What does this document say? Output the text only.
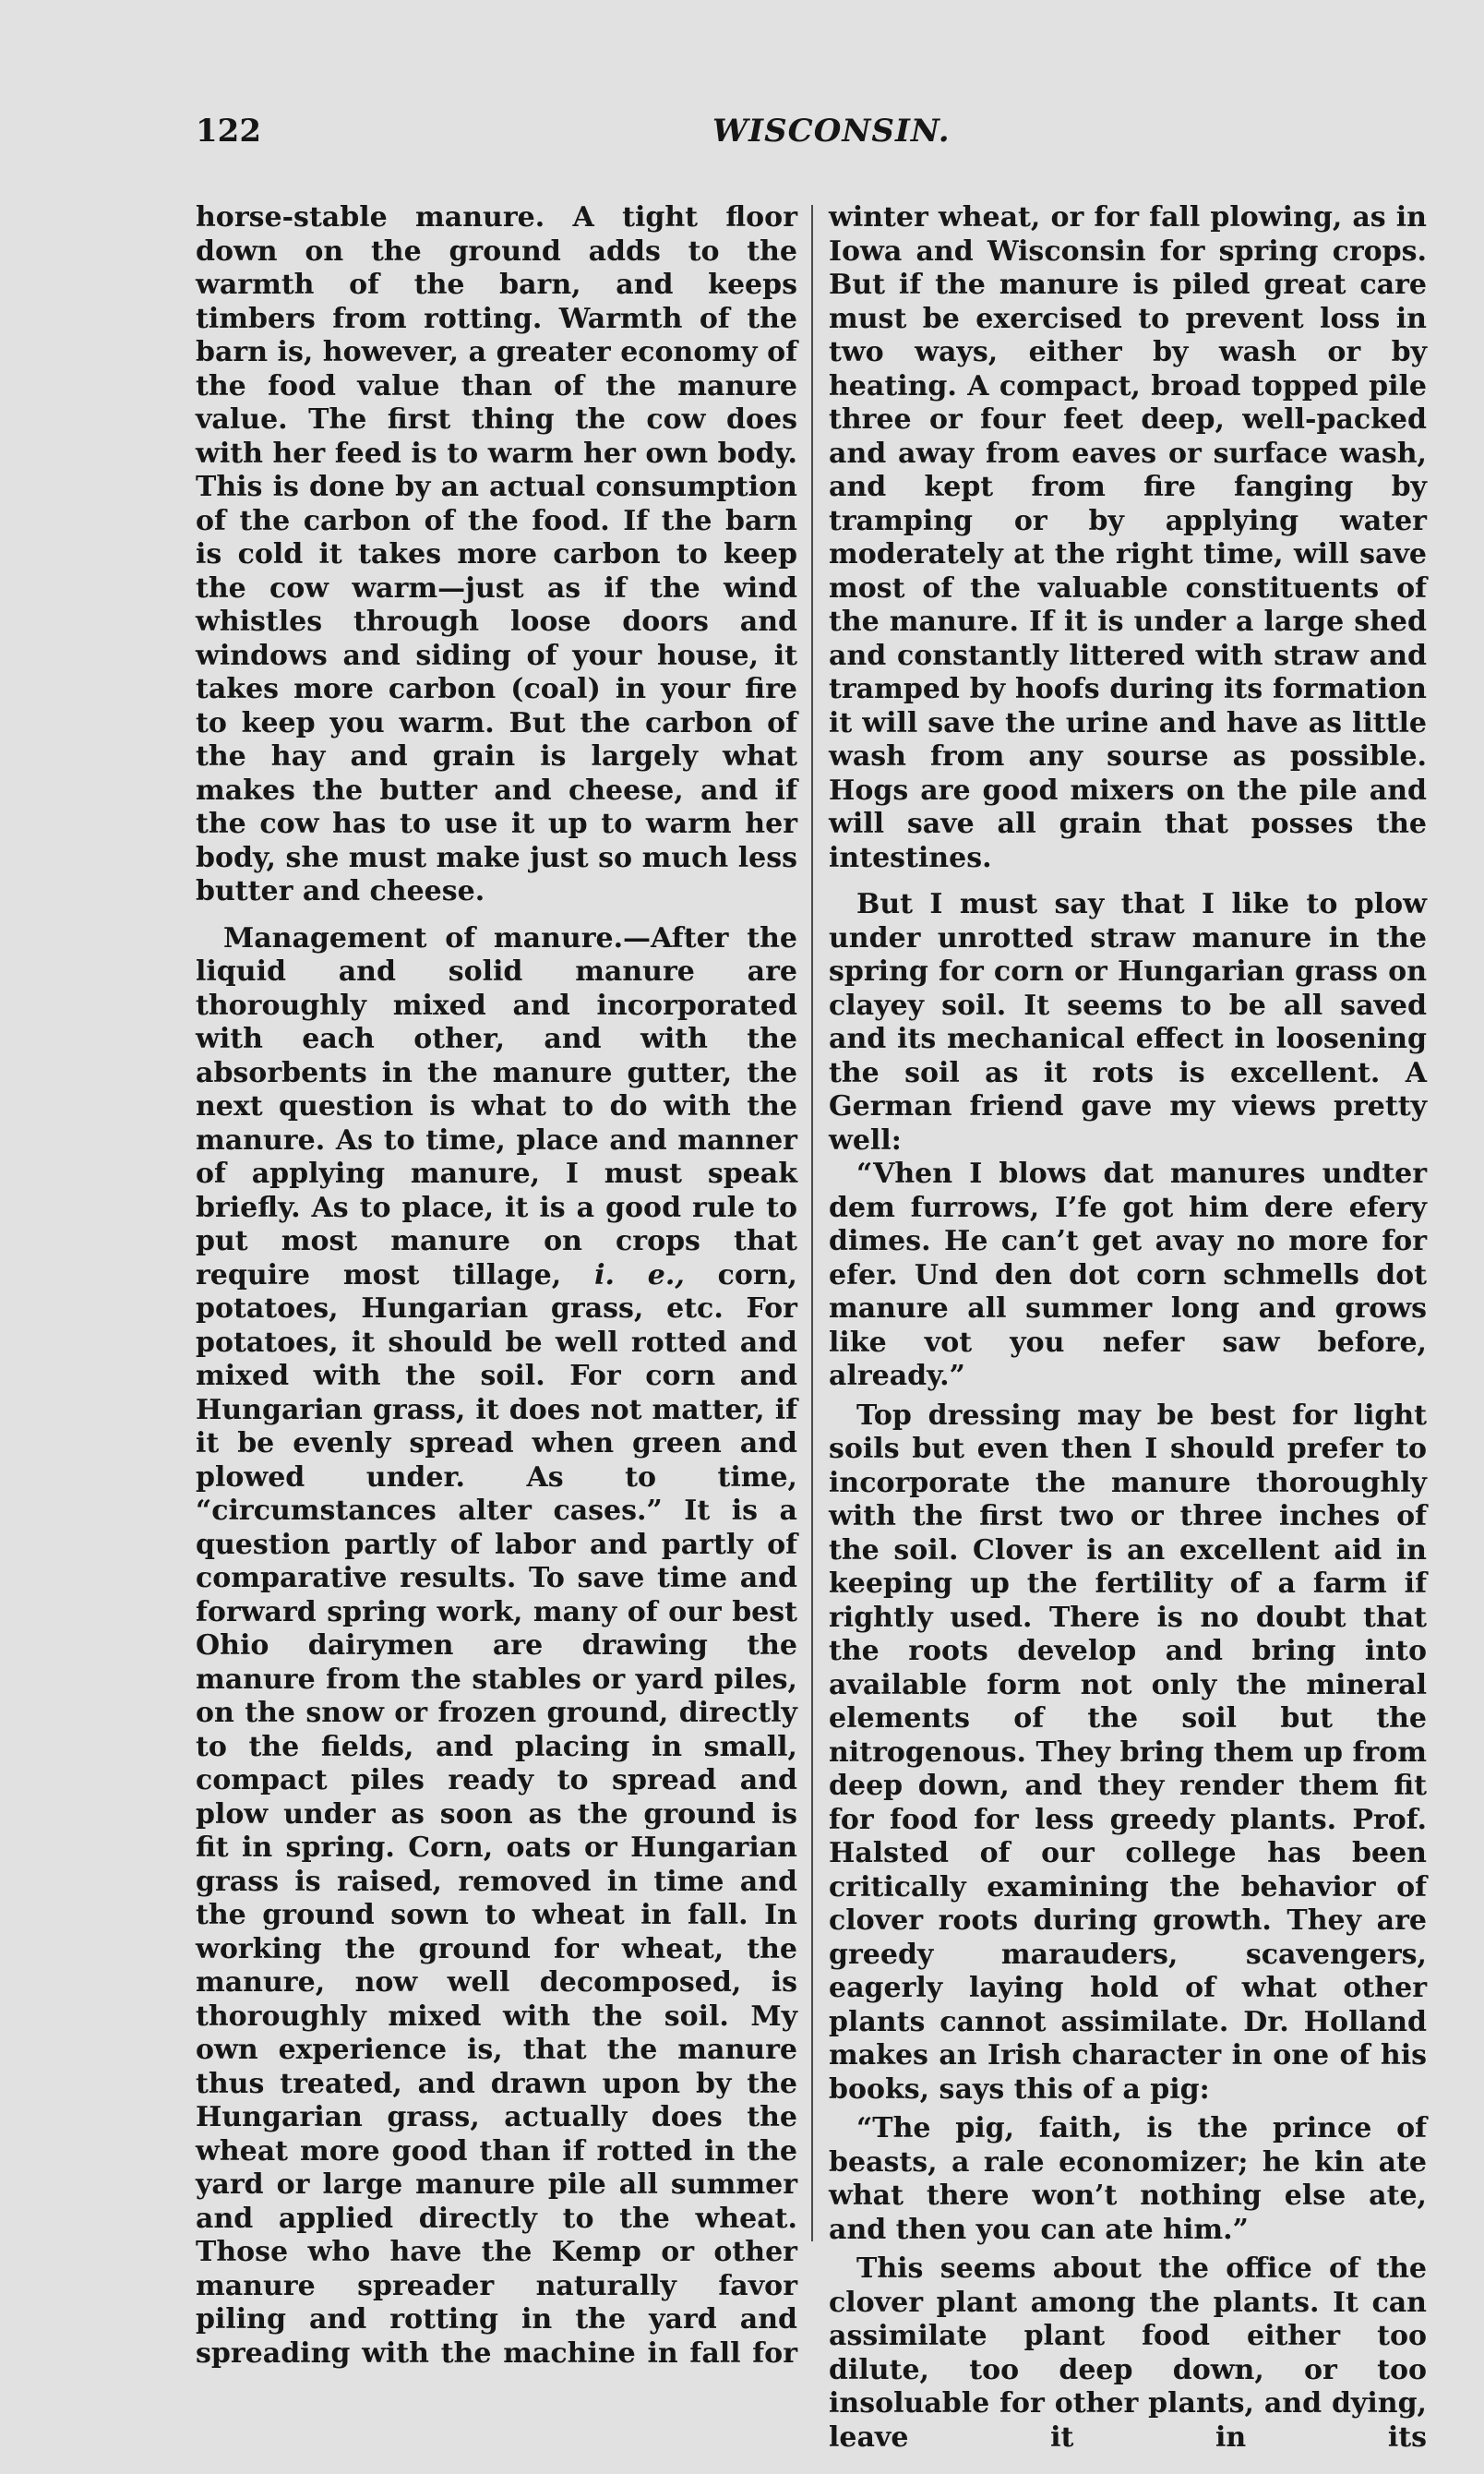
122	WISCONSIN.

horse-stable manure. A tight floor down on the ground adds to the warmth of the barn, and keeps timbers from rotting. Warmth of the barn is, however, a greater economy of the food value than of the manure value. The first thing the cow does with her feed is to warm her own body. This is done by an actual consumption of the carbon of the food. If the barn is cold it takes more carbon to keep the cow warm—just as if the wind whistles through loose doors and windows and siding of your house, it takes more carbon (coal) in your fire to keep you warm. But the carbon of the hay and grain is largely what makes the butter and cheese, and if the cow has to use it up to warm her body, she must make just so much less butter and cheese.

Management of manure.—After the liquid and solid manure are thoroughly mixed and incorporated with each other, and with the absorbents in the manure gutter, the next question is what to do with the manure. As to time, place and manner of applying manure, I must speak briefly. As to place, it is a good rule to put most manure on crops that require most tillage, i. e., corn, potatoes, Hungarian grass, etc. For potatoes, it should be well rotted and mixed with the soil. For corn and Hungarian grass, it does not matter, if it be evenly spread when green and plowed under. As to time, “circumstances alter cases.” It is a question partly of labor and partly of comparative results. To save time and forward spring work, many of our best Ohio dairymen are drawing the manure from the stables or yard piles, on the snow or frozen ground, directly to the fields, and placing in small, compact piles ready to spread and plow under as soon as the ground is fit in spring. Corn, oats or Hungarian grass is raised, removed in time and the ground sown to wheat in fall. In working the ground for wheat, the manure, now well decomposed, is thoroughly mixed with the soil. My own experience is, that the manure thus treated, and drawn upon by the Hungarian grass, actually does the wheat more good than if rotted in the yard or large manure pile all summer and applied directly to the wheat. Those who have the Kemp or other manure spreader naturally favor piling and rotting in the yard and spreading with the machine in fall for

winter wheat, or for fall plowing, as in Iowa and Wisconsin for spring crops. But if the manure is piled great care must be exercised to prevent loss in two ways, either by wash or by heating. A compact, broad topped pile three or four feet deep, well-packed and away from eaves or surface wash, and kept from fire fanging by tramping or by applying water moderately at the right time, will save most of the valuable constituents of the manure. If it is under a large shed and constantly littered with straw and tramped by hoofs during its formation it will save the urine and have as little wash from any sourse as possible. Hogs are good mixers on the pile and will save all grain that posses the intestines.

But I must say that I like to plow under unrotted straw manure in the spring for corn or Hungarian grass on clayey soil. It seems to be all saved and its mechanical effect in loosening the soil as it rots is excellent. A German friend gave my views pretty well:

“Vhen I blows dat manures undter dem furrows, I’fe got him dere efery dimes. He can’t get avay no more for efer. Und den dot corn schmells dot manure all summer long and grows like vot you nefer saw before, already.”

Top dressing may be best for light soils but even then I should prefer to incorporate the manure thoroughly with the first two or three inches of the soil. Clover is an excellent aid in keeping up the fertility of a farm if rightly used. There is no doubt that the roots develop and bring into available form not only the mineral elements of the soil but the nitrogenous. They bring them up from deep down, and they render them fit for food for less greedy plants. Prof. Halsted of our college has been critically examining the behavior of clover roots during growth. They are greedy marauders, scavengers, eagerly laying hold of what other plants cannot assimilate. Dr. Holland makes an Irish character in one of his books, says this of a pig:

“The pig, faith, is the prince of beasts, a rale economizer; he kin ate what there won’t nothing else ate, and then you can ate him.”

This seems about the office of the clover plant among the plants. It can assimilate plant food either too dilute, too deep down, or too insoluable for other plants, and dying, leave it in its
